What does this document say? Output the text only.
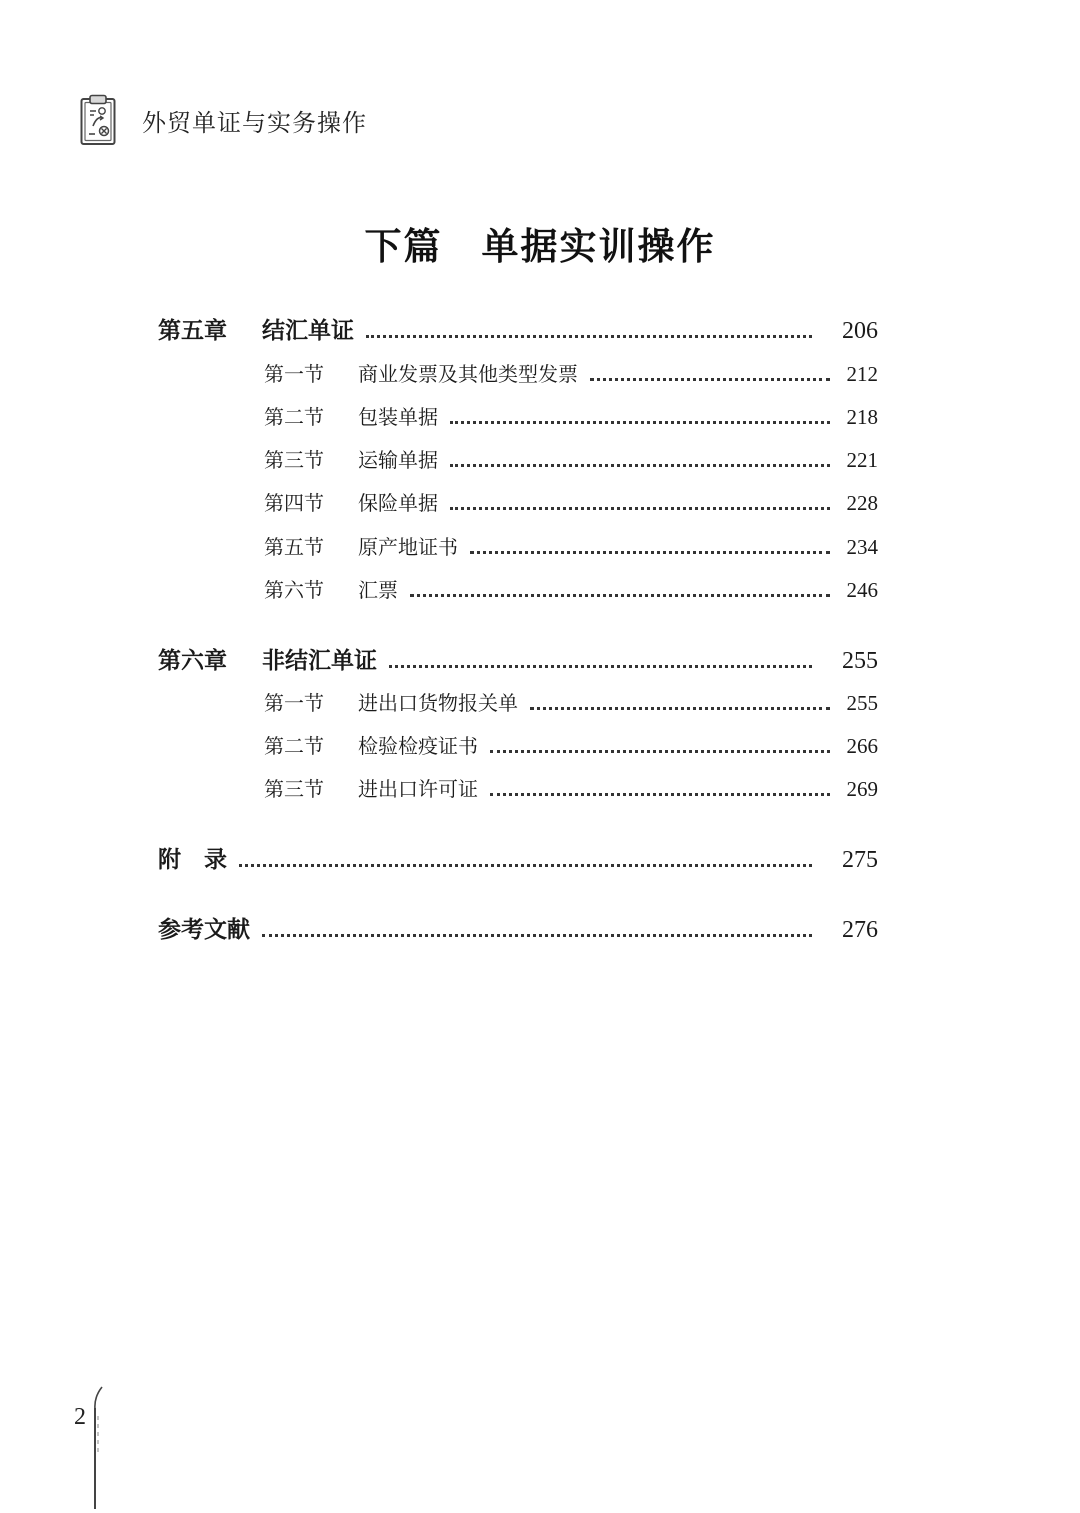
外贸单证与实务操作
下篇　单据实训操作
第五章	结汇单证	206
第一节	商业发票及其他类型发票	212
第二节	包装单据	218
第三节	运输单据	221
第四节	保险单据	228
第五节	原产地证书	234
第六节	汇票	246
第六章	非结汇单证	255
第一节	进出口货物报关单	255
第二节	检验检疫证书	266
第三节	进出口许可证	269
附　录	275
参考文献	276
2
